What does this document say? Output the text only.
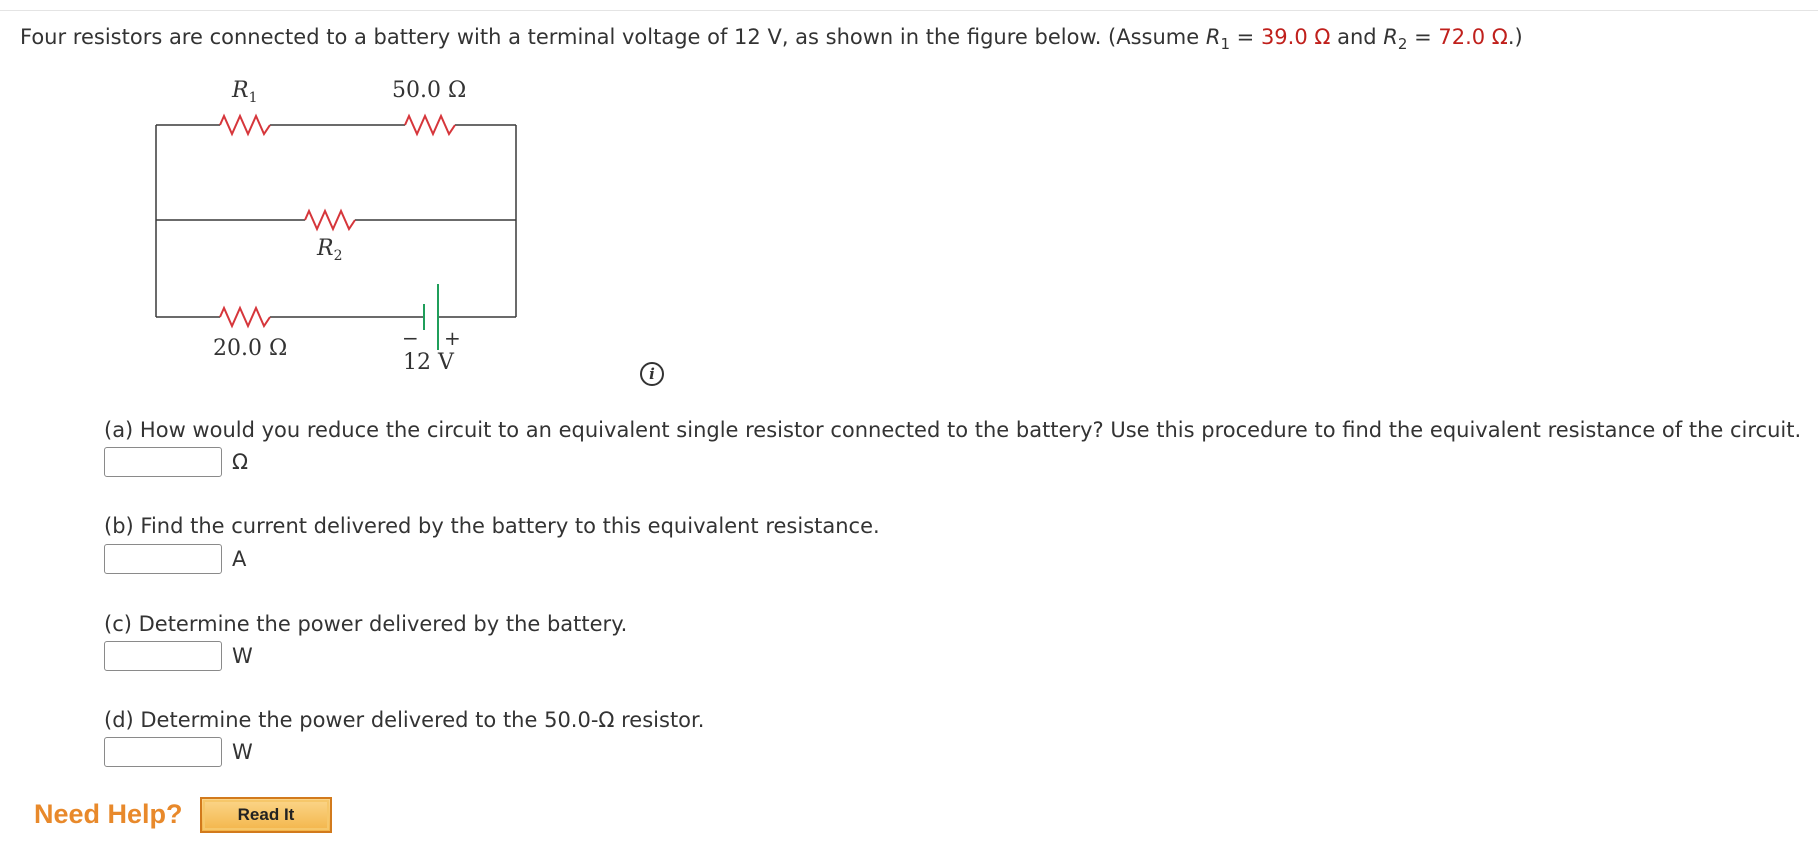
Four resistors are connected to a battery with a terminal voltage of 12 V, as shown in the figure below. (Assume $R_1 = 39.0$ Ω and $R_2 = 72.0$ Ω.)
$R_1$	50.0 Ω
$R_2$
20.0 Ω	− +
12 V	i
(a) How would you reduce the circuit to an equivalent single resistor connected to the battery? Use this procedure to find the equivalent resistance of the circuit.
Ω
(b) Find the current delivered by the battery to this equivalent resistance.
A
(c) Determine the power delivered by the battery.
W
(d) Determine the power delivered to the 50.0-Ω resistor.
W
Need Help?	Read It
